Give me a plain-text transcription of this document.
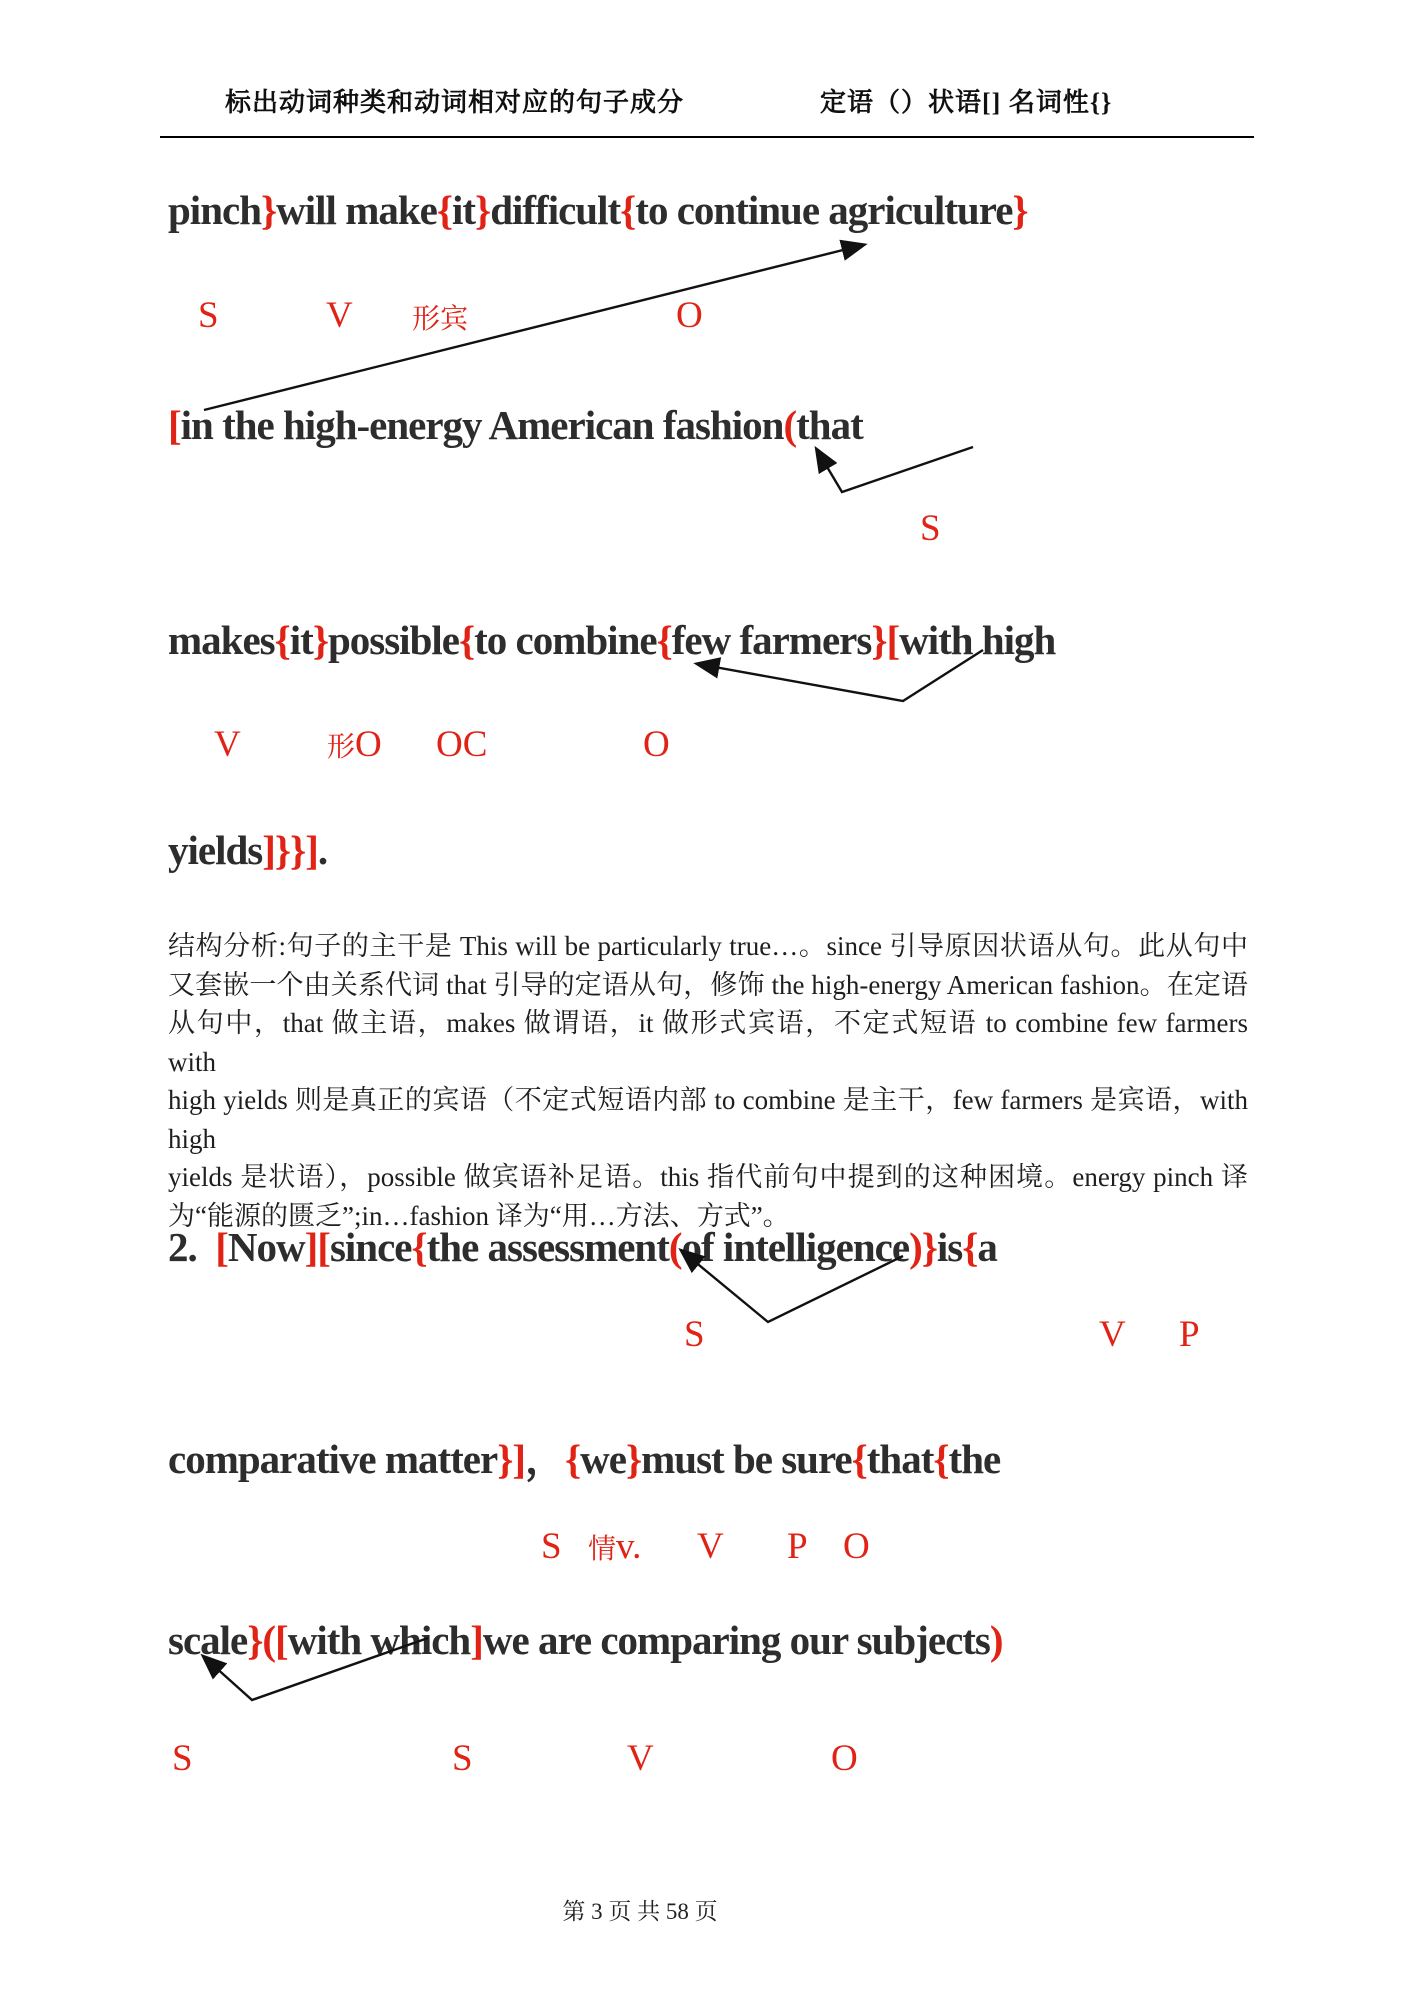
标出动词种类和动词相对应的句子成分	定语（）状语[] 名词性{}
pinch}will make{it}difficult{to continue agriculture}
[in the high-energy American fashion(that
makes{it}possible{to combine{few farmers}[with high
yields]}}].
2.  [Now][since{the assessment(of intelligence)}is{a
comparative matter}]，{we}must be sure{that{the
scale}([with which]we are comparing our subjects)
S	V 形宾	O
S
V	形O OC	O
结构分析:句子的主干是 This will be particularly true…。since 引导原因状语从句。此从句中
又套嵌一个由关系代词 that 引导的定语从句，修饰 the high-energy American fashion。在定语
从句中，that 做主语，makes 做谓语，it 做形式宾语，不定式短语 to combine few farmers with
high yields 则是真正的宾语（不定式短语内部 to combine 是主干，few farmers 是宾语，with high
yields 是状语），possible 做宾语补足语。this 指代前句中提到的这种困境。energy pinch 译
为“能源的匮乏”;in…fashion 译为“用…方法、方式”。
S	V P
S 情v. V P O
S	S	V	O
第 3 页 共 58 页
